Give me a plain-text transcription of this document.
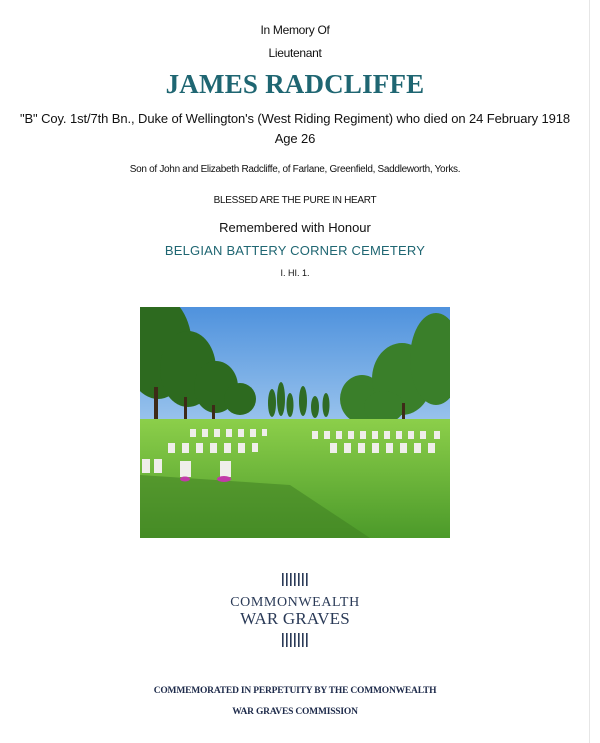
In Memory Of
Lieutenant
JAMES RADCLIFFE
"B" Coy. 1st/7th Bn., Duke of Wellington's (West Riding Regiment) who died on 24 February 1918
Age 26
Son of John and Elizabeth Radcliffe, of Farlane, Greenfield, Saddleworth, Yorks.
BLESSED ARE THE PURE IN HEART
Remembered with Honour
BELGIAN BATTERY CORNER CEMETERY
I. HI. 1.
COMMONWEALTH
WAR GRAVES
COMMEMORATED IN PERPETUITY BY THE COMMONWEALTH
WAR GRAVES COMMISSION
